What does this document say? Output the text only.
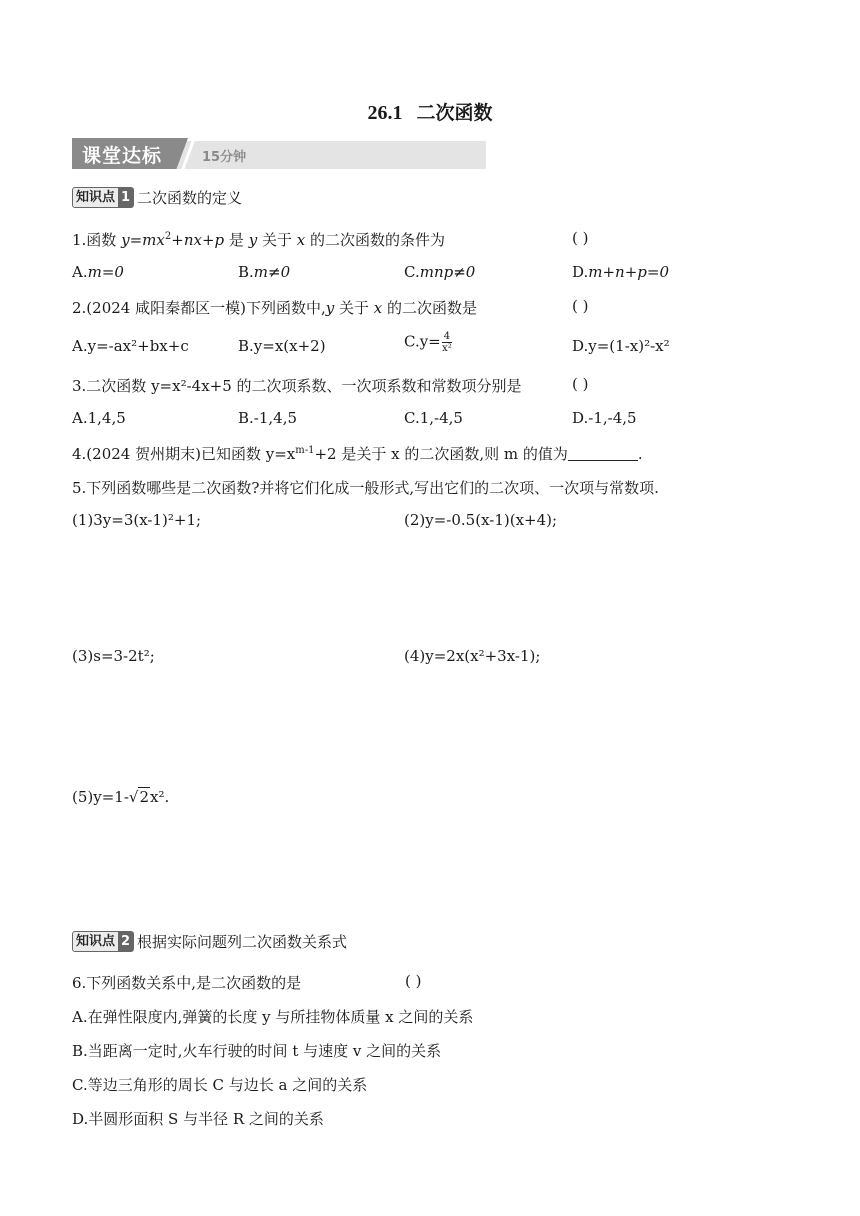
26.1 二次函数
课堂达标	15分钟
知识点 1 二次函数的定义
1.函数 $y=mx^2+nx+p$ 是 y 关于 x 的二次函数的条件为	( )
A.m=0	B.m≠0	C.mnp≠0	D.m+n+p=0
2.(2024 咸阳秦都区一模)下列函数中,y 关于 x 的二次函数是	( )
A.y=-ax²+bx+c	B.y=x(x+2)	$C.y= \frac{4}{\text{x²}}$	D.y=(1-x)²-x²
3.二次函数 y=x²-4x+5 的二次项系数、一次项系数和常数项分别是	( )
A.1,4,5	B.-1,4,5	C.1,-4,5	D.-1,-4,5
4.(2024 贺州期末)已知函数 $y=x^{m-1}+2$ 是关于 x 的二次函数,则 m 的值为	.
5.下列函数哪些是二次函数?并将它们化成一般形式,写出它们的二次项、一次项与常数项.
(1)3y=3(x-1)²+1;	(2)y=-0.5(x-1)(x+4);
(3)s=3-2t²;	(4)y=2x(x²+3x-1);
(5)y=1-√2x².
知识点 2 根据实际问题列二次函数关系式
6.下列函数关系中,是二次函数的是	( )
A.在弹性限度内,弹簧的长度 y 与所挂物体质量 x 之间的关系
B.当距离一定时,火车行驶的时间 t 与速度 v 之间的关系
C.等边三角形的周长 C 与边长 a 之间的关系
D.半圆形面积 S 与半径 R 之间的关系
